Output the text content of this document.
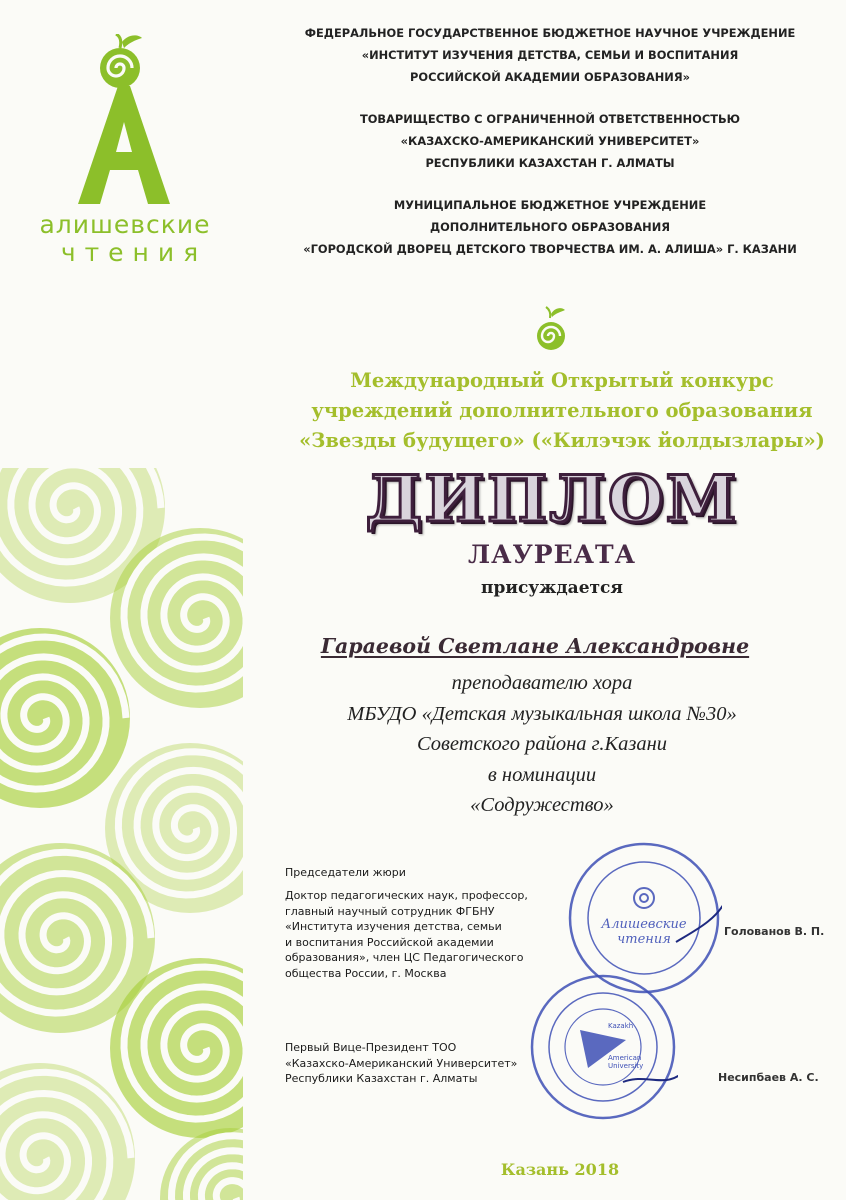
алишевские
чтения
ФЕДЕРАЛЬНОЕ ГОСУДАРСТВЕННОЕ БЮДЖЕТНОЕ НАУЧНОЕ УЧРЕЖДЕНИЕ
«ИНСТИТУТ ИЗУЧЕНИЯ ДЕТСТВА, СЕМЬИ И ВОСПИТАНИЯ
РОССИЙСКОЙ АКАДЕМИИ ОБРАЗОВАНИЯ»
ТОВАРИЩЕСТВО С ОГРАНИЧЕННОЙ ОТВЕТСТВЕННОСТЬЮ
«КАЗАХСКО-АМЕРИКАНСКИЙ УНИВЕРСИТЕТ»
РЕСПУБЛИКИ КАЗАХСТАН Г. АЛМАТЫ
МУНИЦИПАЛЬНОЕ БЮДЖЕТНОЕ УЧРЕЖДЕНИЕ
ДОПОЛНИТЕЛЬНОГО ОБРАЗОВАНИЯ
«ГОРОДСКОЙ ДВОРЕЦ ДЕТСКОГО ТВОРЧЕСТВА ИМ. А. АЛИША» Г. КАЗАНИ
Международный Открытый конкурс
учреждений дополнительного образования
«Звезды будущего» («Килэчэк йолдызлары»)
ДИПЛОМ
ЛАУРЕАТА
присуждается
Гараевой Светлане Александровне
преподавателю хора
МБУДО «Детская музыкальная школа №30»
Советского района г.Казани
в номинации
«Содружество»
Председатели жюри
Доктор педагогических наук, профессор,
главный научный сотрудник ФГБНУ
«Института изучения детства, семьи
и воспитания Российской академии
образования», член ЦС Педагогического
общества России, г. Москва
Первый Вице-Президент ТОО
«Казахско-Американский Университет»
Республики Казахстан г. Алматы
Алишевские
чтения
Kazakh
American
University
Голованов В. П.
Несипбаев А. С.
Казань 2018
